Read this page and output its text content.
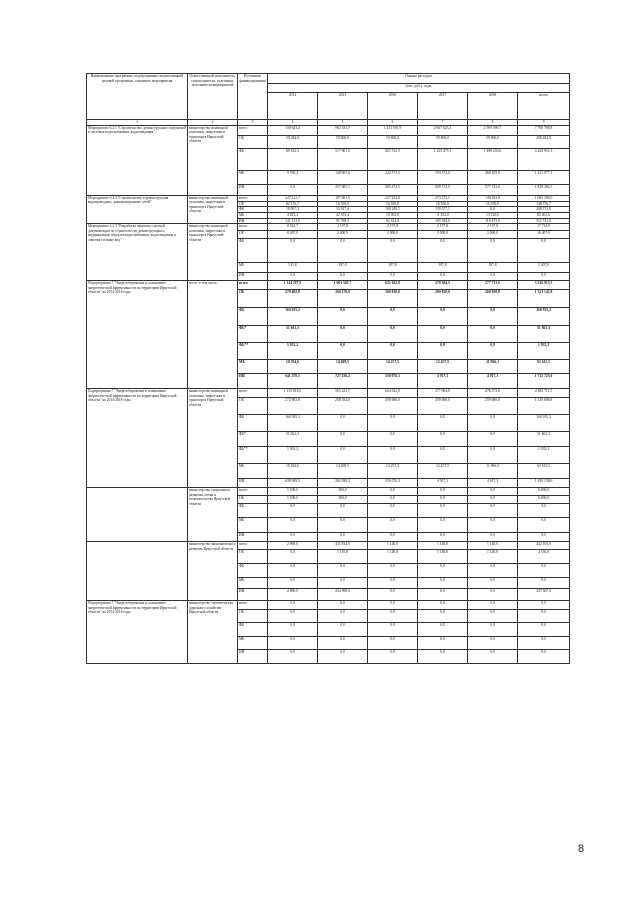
Наименование программы, подпрограммы, ведомственной целевой программы, основного мероприятия	Ответственный исполнитель, соисполнители, участники, исполнители мероприятий	Источники финансирования	Оценка расходов					
			(тыс. руб.), годы					
			2014	2015	2016	2017	2018	итого
1	2	3	4	5	6	7	8	9
Мероприятие 6.2.1 "Строительство, реконструкция сооружений в системах водоснабжения, водоотведения"	министерство жилищной политики, энергетики и транспорта Иркутской области	всего	138 643,4	982 331,7	1 413 591,9	2 667 623,1	2 595 599,7	7 798 789,8
		ОБ	59 284,9	59 800,0	59 800,0	59 800,0	59 800,0	298 484,9
		ФБ	69 832,3	517 861,0	825 745,9	1 225 279,1	1 490 233,0	4 228 951,3
		МБ	9 530,2	148 065,6	222 573,5	593 372,0	468 435,8	1 441 977,1
		ИИ	0,0	257 605,1	305 472,5	689 172,0	577 132,0	1 829 382,5
Мероприятие 6.2.2 "Строительство и реконструкция водопроводных, канализационных сетей"	министерство жилищной политики, энергетики и транспорта Иркутской области	всего	247 112,7	187 661,5	227 254,0	273 172,1	148 163,0	1 083 396,0
		ОБ	82 176,7	16 550,0	16 550,0	16 550,0	16 550,0	148 376,7
		ФБ	18 997,5	33 927,4	108 249,5	139 577,1	0,0	298 711,9
		МБ	4 823,2	42 353,4	10 063,0	11 102,0	13 120,0	82 461,6
		ИИ	141 123,0	95 788,5	92 422,0	105 943,0	119 475,0	552 741,8
Мероприятие 6.2.3 "Разработка проектно-сметной документации по строительству, реконструкции и модернизации объектов водоснабжения, водоотведения и очистки сточных вод"	министерство жилищной политики, энергетики и транспорта Иркутской области	всего	8 923,7	2 197,8	2 197,8	2 197,8	2 197,8	17 714,9
		ОБ	8 407,9	2 000,0	2 000,0	2 000,0	2 000,0	16 407,9
		ФБ	0,0	0,0	0,0	0,0	0,0	0,0
		МБ	515,8	197,8	197,8	197,8	197,8	1 307,0
		ИИ	0,0	0,0	0,0	0,0	0,0	0,0
Подпрограмма 7 "Энергосбережение и повышение энергетической эффективности на территории Иркутской области" на 2014-2018 годы	всего, в том числе:	всего	1 144 187,5	1 001 545,7	625 162,8	278 304,5	277 713,6	3 326 913,5
		ОБ	278 482,8	260 170,0	260 830,0	260 830,0	260 830,0	1 321 142,8
		ФБ	160 935,2	0,0	0,0	0,0	0,0	160 935,2
		ФБ*	51 661,3	0,0	0,0	0,0	0,0	51 661,3
		ФБ**	1 935,2	0,0	0,0	0,0	0,0	1 935,2
		МБ	10 294,6	14 609,5	14 257,5	12 457,5	11 966,3	63 615,5
		ИИ	641 478,5	727 236,2	350 076,3	4 917,3	4 917,3	1 732 725,6
Подпрограмма 7 "Энергосбережение и повышение энергетической эффективности на территории Иркутской области" на 2014-2018 годы	министерство жилищной политики, энергетики и транспорта Иркутской области	всего	1 135 818,5	565 221,7	624 022,8	277 064,8	276 573,8	2 882 711,5
		ОБ	272 982,8	258 554,0	259 690,0	259 690,0	259 690,0	1 310 606,8
		ФБ	160 935,2	0,0	0,0	0,0	0,0	160 935,2
		ФБ*	51 661,3	0,0	0,0	0,0	0,0	51 661,3
		ФБ**	1 935,2	0,0	0,0	0,0	0,0	1 935,2
		МБ	10 294,6	14 609,5	14 257,5	12 457,5	11 966,3	63 615,5
		ИИ	638 009,5	292 038,2	350 076,3	4 917,3	4 917,3	1 290 158,6
	министерство социального развития, опеки и попечительства Иркутской области	всего	5 500,0	500,0	0,0	0,0	0,0	6 000,0
		ОБ	5 500,0	500,0	0,0	0,0	0,0	6 000,0
		ФБ	0,0	0,0	0,0	0,0	0,0	0,0
		МБ	0,0	0,0	0,0	0,0	0,0	0,0
		ИИ	0,0	0,0	0,0	0,0	0,0	0,0
	министерство экономического развития Иркутской области	всего	2 869,0	435 814,0	1 140,0	1 140,0	1 140,0	442 103,0
		ОБ	0,0	1 116,0	1 140,0	1 140,0	1 140,0	4 536,0
		ФБ	0,0	0,0	0,0	0,0	0,0	0,0
		МБ	0,0	0,0	0,0	0,0	0,0	0,0
		ИИ	2 869,0	434 698,0	0,0	0,0	0,0	437 567,0
Подпрограмма 7 "Энергосбережение и повышение энергетической эффективности на территории Иркутской области" на 2014-2018 годы	министерство строительства, дорожного хозяйства Иркутской области	всего	0,0	0,0	0,0	0,0	0,0	0,0
		ОБ	0,0	0,0	0,0	0,0	0,0	0,0
		ФБ	0,0	0,0	0,0	0,0	0,0	0,0
		МБ	0,0	0,0	0,0	0,0	0,0	0,0
		ИИ	0,0	0,0	0,0	0,0	0,0	0,0
8
